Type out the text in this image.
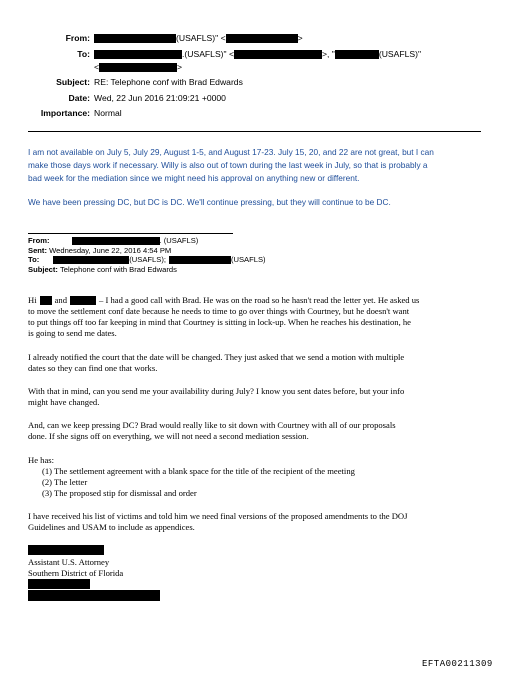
From:	(USAFLS)" <	>
To:	.(USAFLS)" <	>, "	(USAFLS)"
<	>
Subject: RE: Telephone conf with Brad Edwards
Date: Wed, 22 Jun 2016 21:09:21 +0000
Importance: Normal

I am not available on July 5, July 29, August 1-5, and August 17-23. July 15, 20, and 22 are not great, but I can

make those days work if necessary. Willy is also out of town during the last week in July, so that is probably a

bad week for the mediation since we might need his approval on anything new or different.

We have been pressing DC, but DC is DC. We'll continue pressing, but they will continue to be DC.

From:	. (USAFLS)
Sent: Wednesday, June 22, 2016 4:54 PM
To:	(USAFLS);	(USAFLS)
Subject: Telephone conf with Brad Edwards

Hi and	– I had a good call with Brad. He was on the road so he hasn't read the letter yet. He asked us

to move the settlement conf date because he needs to time to go over things with Courtney, but he doesn't want

to put things off too far keeping in mind that Courtney is sitting in lock-up. When he reaches his destination, he

is going to send me dates.

I already notified the court that the date will be changed. They just asked that we send a motion with multiple

dates so they can find one that works.

With that in mind, can you send me your availability during July? I know you sent dates before, but your info

might have changed.

And, can we keep pressing DC? Brad would really like to sit down with Courtney with all of our proposals

done. If she signs off on everything, we will not need a second mediation session.

He has:

(1) The settlement agreement with a blank space for the title of the recipient of the meeting

(2) The letter

(3) The proposed stip for dismissal and order

I have received his list of victims and told him we need final versions of the proposed amendments to the DOJ

Guidelines and USAM to include as appendices.

Assistant U.S. Attorney

Southern District of Florida

EFTA00211309
